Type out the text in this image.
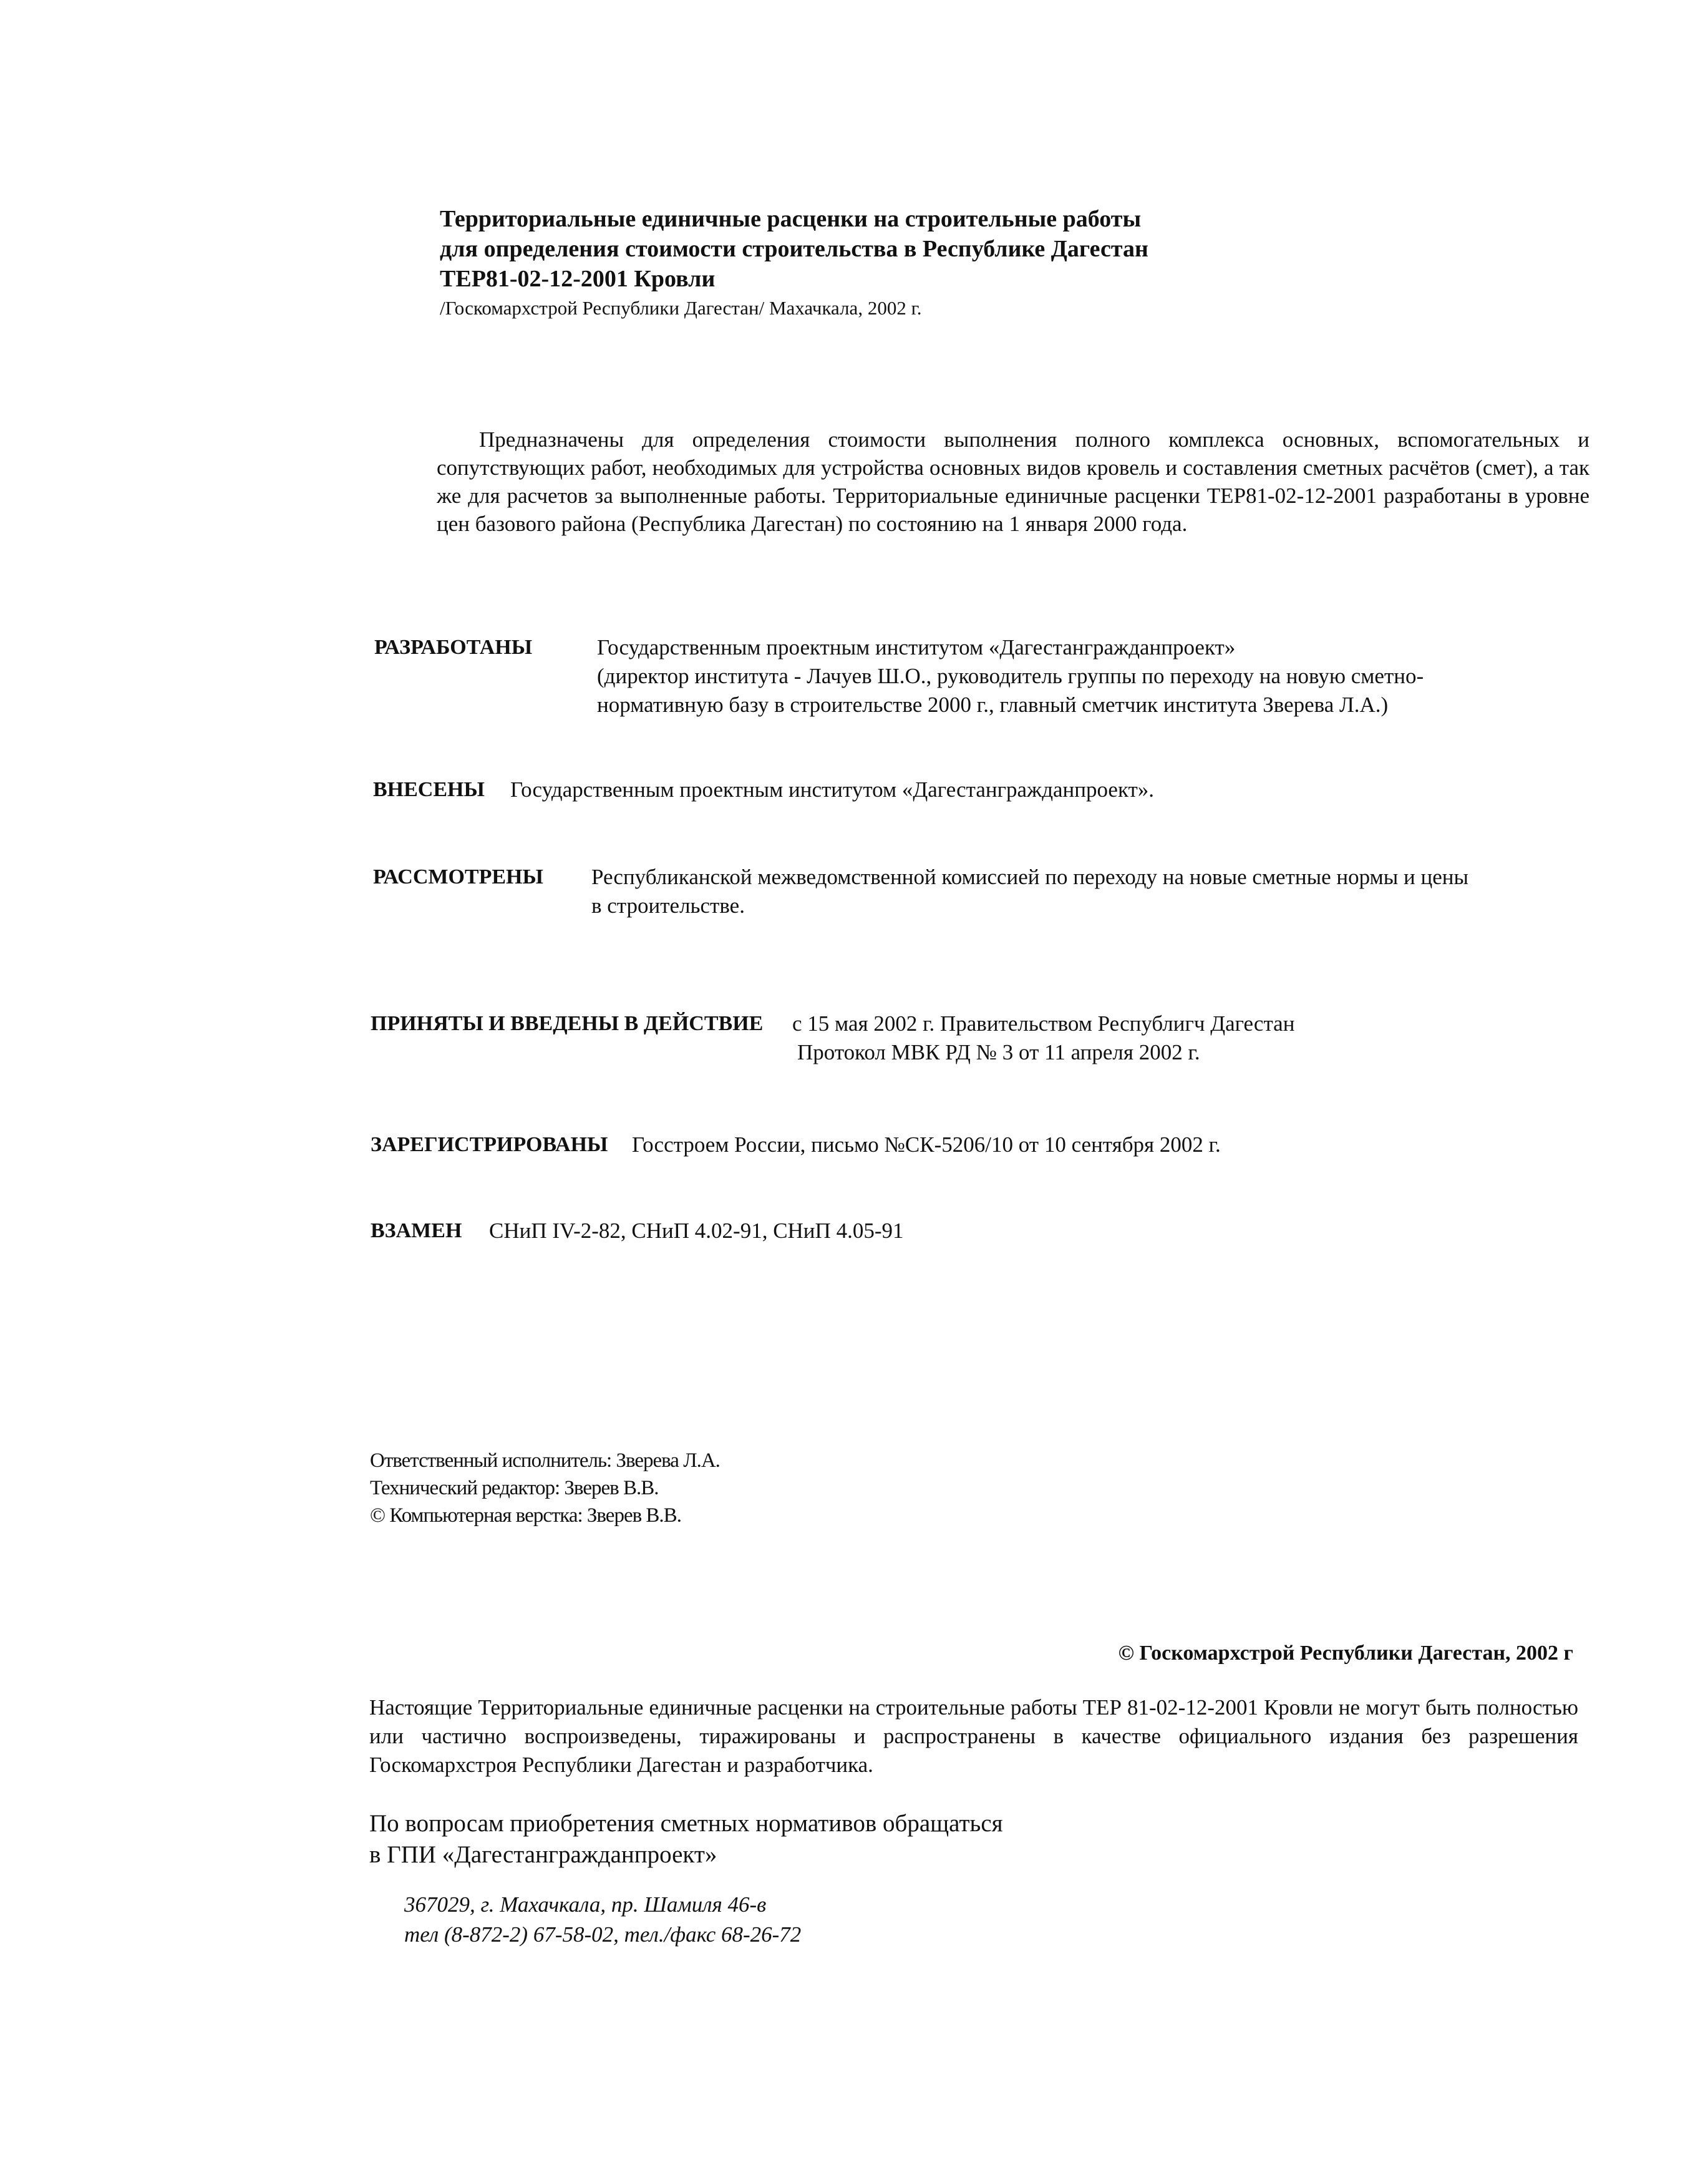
Территориальные единичные расценки на строительные работы
для определения стоимости строительства в Республике Дагестан
ТЕР81-02-12-2001 Кровли
/Госкомархстрой Республики Дагестан/ Махачкала, 2002 г.

Предназначены для определения стоимости выполнения полного комплекса основных, вспомогательных и сопутствующих работ, необходимых для устройства основных видов кровель и составления сметных расчётов (смет), а так же для расчетов за выполненные работы. Территориальные единичные расценки ТЕР81-02-12-2001 разработаны в уровне цен базового района (Республика Дагестан) по состоянию на 1 января 2000 года.

РАЗРАБОТАНЫ	Государственным проектным институтом «Дагестангражданпроект»
(директор института - Лачуев Ш.О., руководитель группы по переходу на новую сметно-
нормативную базу в строительстве 2000 г., главный сметчик института Зверева Л.А.)
ВНЕСЕНЫ Государственным проектным институтом «Дагестангражданпроект».
РАССМОТРЕНЫ Республиканской межведомственной комиссией по переходу на новые сметные нормы и цены
в строительстве.
ПРИНЯТЫ И ВВЕДЕНЫ В ДЕЙСТВИЕ с 15 мая 2002 г. Правительством Республигч Дагестан
Протокол МВК РД № 3 от 11 апреля 2002 г.
ЗАРЕГИСТРИРОВАНЫ Госстроем России, письмо №СК-5206/10 от 10 сентября 2002 г.
ВЗАМЕН СНиП IV-2-82, СНиП 4.02-91, СНиП 4.05-91
Ответственный исполнитель: Зверева Л.А.
Технический редактор: Зверев В.В.
© Компьютерная верстка: Зверев В.В.
© Госкомархстрой Республики Дагестан, 2002 г

Настоящие Территориальные единичные расценки на строительные работы ТЕР 81-02-12-2001 Кровли не могут быть полностью или частично воспроизведены, тиражированы и распространены в качестве официального издания без разрешения Госкомархстроя Республики Дагестан и разработчика.

По вопросам приобретения сметных нормативов обращаться
в ГПИ «Дагестангражданпроект»
367029, г. Махачкала, пр. Шамиля 46-в
тел (8-872-2) 67-58-02, тел./факс 68-26-72
